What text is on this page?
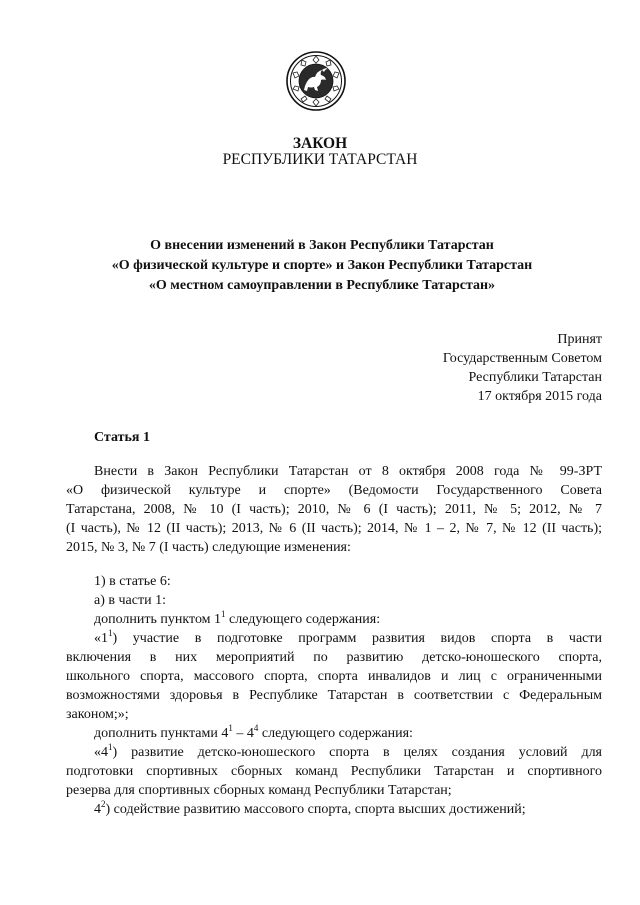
ЗАКОН
РЕСПУБЛИКИ ТАТАРСТАН
О внесении изменений в Закон Республики Татарстан
«О физической культуре и спорте» и Закон Республики Татарстан
«О местном самоуправлении в Республике Татарстан»
Принят
Государственным Советом
Республики Татарстан
17 октября 2015 года
Статья 1
Внести в Закон Республики Татарстан от 8 октября 2008 года № 99-ЗРТ
«О физической культуре и спорте» (Ведомости Государственного Совета
Татарстана, 2008, № 10 (I часть); 2010, № 6 (I часть); 2011, № 5; 2012, № 7
(I часть), № 12 (II часть); 2013, № 6 (II часть); 2014, № 1 – 2, № 7, № 12 (II часть);
2015, № 3, № 7 (I часть) следующие изменения:
1) в статье 6:
а) в части 1:
дополнить пунктом $1^1$ следующего содержания:
«$1^1$) участие в подготовке программ развития видов спорта в части
включения в них мероприятий по развитию детско-юношеского спорта,
школьного спорта, массового спорта, спорта инвалидов и лиц с ограниченными
возможностями здоровья в Республике Татарстан в соответствии с Федеральным
законом;»;
дополнить пунктами $4^1 - 4^4$ следующего содержания:
«$4^1$) развитие детско-юношеского спорта в целях создания условий для
подготовки спортивных сборных команд Республики Татарстан и спортивного
резерва для спортивных сборных команд Республики Татарстан;
$4^2$) содействие развитию массового спорта, спорта высших достижений;
